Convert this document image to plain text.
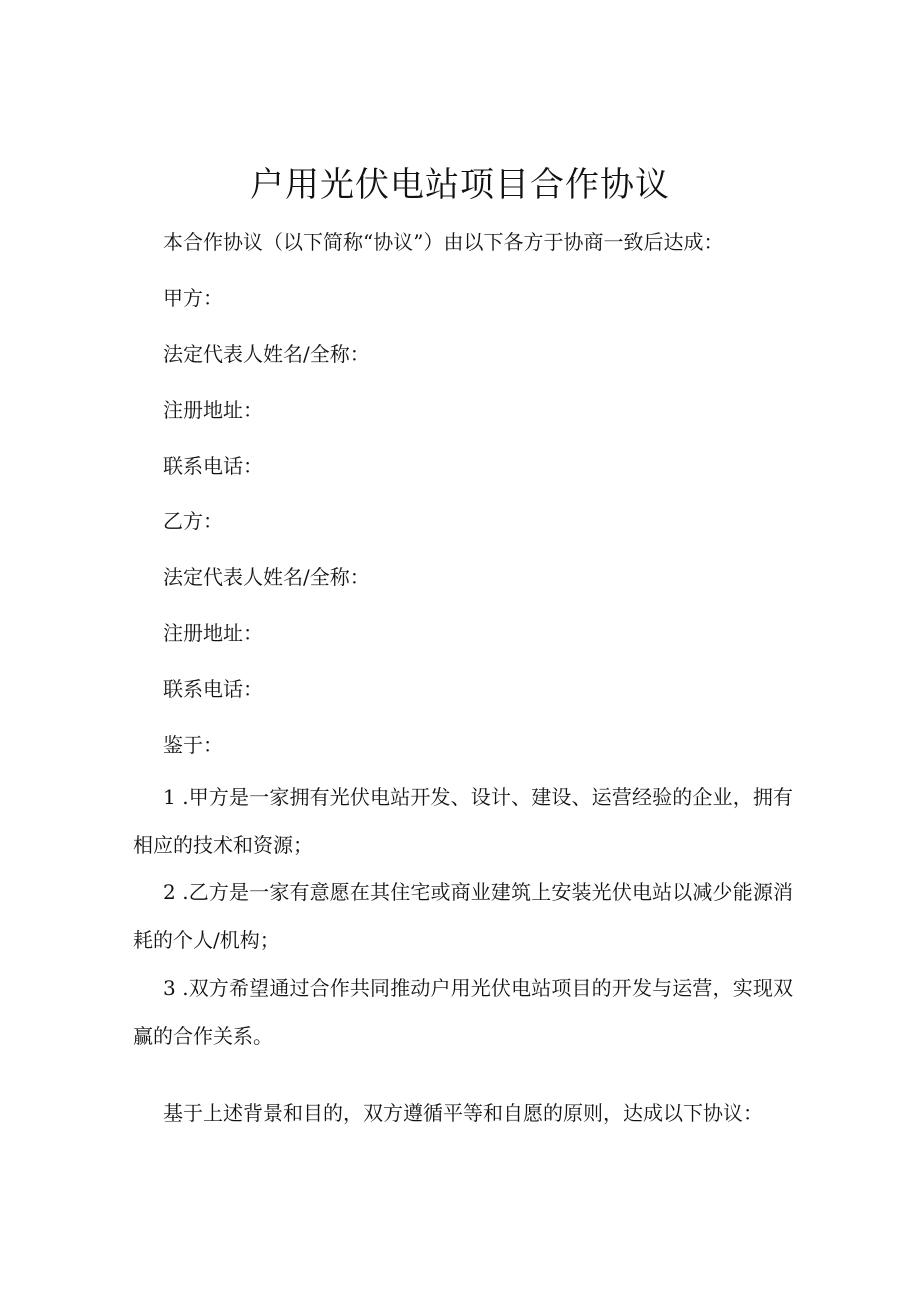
户用光伏电站项目合作协议

本合作协议（以下简称“协议”）由以下各方于协商一致后达成：

甲方：

法定代表人姓名/全称：

注册地址：

联系电话：

乙方：

法定代表人姓名/全称：

注册地址：

联系电话：

鉴于：

1 .甲方是一家拥有光伏电站开发、设计、建设、运营经验的企业，拥有相应的技术和资源；

2 .乙方是一家有意愿在其住宅或商业建筑上安装光伏电站以减少能源消耗的个人/机构；

3 .双方希望通过合作共同推动户用光伏电站项目的开发与运营，实现双赢的合作关系。

基于上述背景和目的，双方遵循平等和自愿的原则，达成以下协议：
